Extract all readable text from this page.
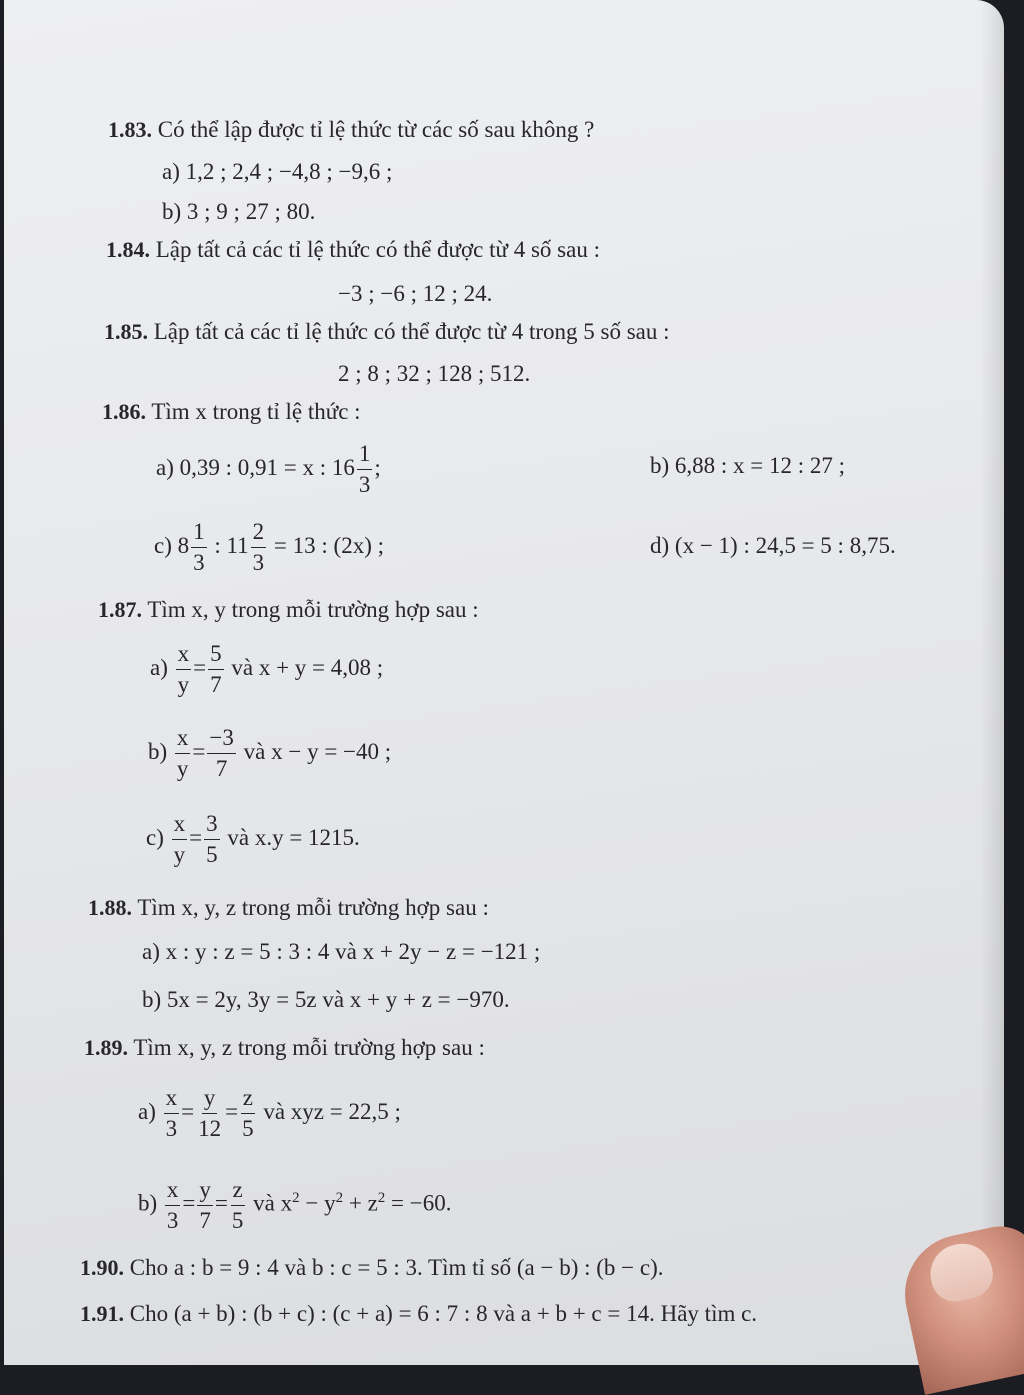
1.83. Có thể lập được tỉ lệ thức từ các số sau không ?
a) 1,2 ; 2,4 ; −4,8 ; −9,6 ;
b) 3 ; 9 ; 27 ; 80.
1.84. Lập tất cả các tỉ lệ thức có thể được từ 4 số sau :
−3 ; −6 ; 12 ; 24.
1.85. Lập tất cả các tỉ lệ thức có thể được từ 4 trong 5 số sau :
2 ; 8 ; 32 ; 128 ; 512.
1.86. Tìm x trong tỉ lệ thức :
a) 0,39 : 0,91 = x : $16 \frac{1}{3}$ ;	b) 6,88 : x = 12 : 27 ;
c) $8 \frac{1}{3}$ : $11 \frac{2}{3} = 13$ : (2x) ;	d) (x − 1) : 24,5 = 5 : 8,75.
1.87. Tìm x, y trong mỗi trường hợp sau :
$a) \frac{x}{y} = \frac{5}{7}$ và x + y = 4,08 ;
$b) \frac{x}{y} = \frac{-3}{7}$ và x − y = −40 ;
$c) \frac{x}{y} = \frac{3}{5}$ và x.y = 1215.
1.88. Tìm x, y, z trong mỗi trường hợp sau :
a) x : y : z = 5 : 3 : 4 và x + 2y − z = −121 ;
b) 5x = 2y, 3y = 5z và x + y + z = −970.
1.89. Tìm x, y, z trong mỗi trường hợp sau :
$a) \frac{x}{3} = \frac{y}{12} = \frac{z}{5}$ và xyz = 22,5 ;
$b) \frac{x}{3} = \frac{y}{7} = \frac{z}{5}$ và $x^2 - y^2 + z^2 = -60$.
1.90. Cho a : b = 9 : 4 và b : c = 5 : 3. Tìm tỉ số (a − b) : (b − c).
1.91. Cho (a + b) : (b + c) : (c + a) = 6 : 7 : 8 và a + b + c = 14. Hãy tìm c.
